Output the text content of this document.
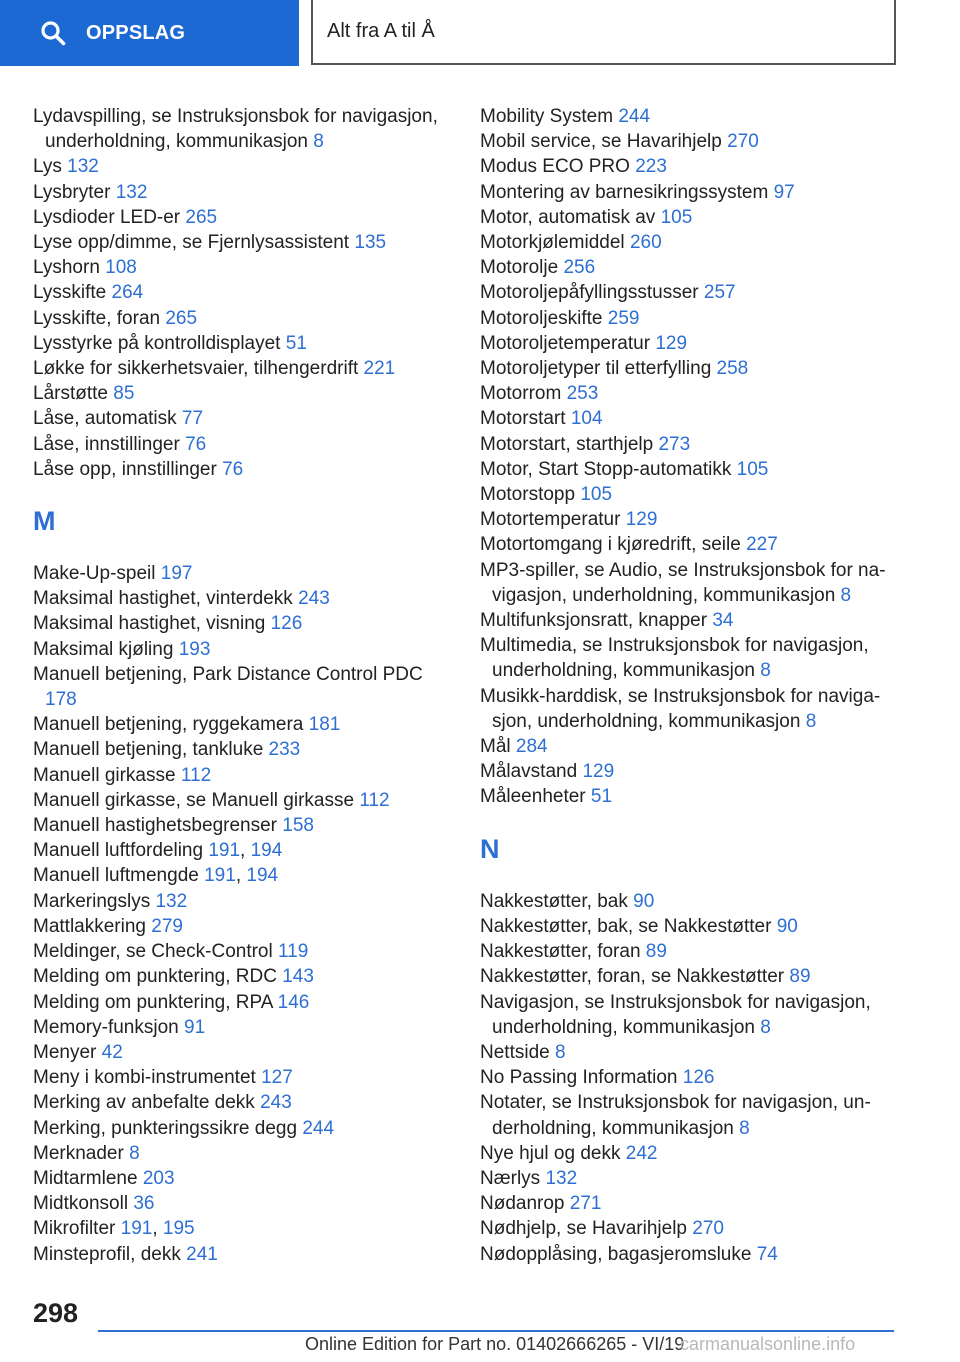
OPPSLAG	Alt fra A til Å
Lydavspilling, se Instruksjonsbok for navigasjon, underholdning, kommunikasjon 8
Lys 132
Lysbryter 132
Lysdioder LED-er 265
Lyse opp/dimme, se Fjernlysassistent 135
Lyshorn 108
Lysskifte 264
Lysskifte, foran 265
Lysstyrke på kontrolldisplayet 51
Løkke for sikkerhetsvaier, tilhengerdrift 221
Lårstøtte 85
Låse, automatisk 77
Låse, innstillinger 76
Låse opp, innstillinger 76
M
Make-Up-speil 197
Maksimal hastighet, vinterdekk 243
Maksimal hastighet, visning 126
Maksimal kjøling 193
Manuell betjening, Park Distance Control PDC 178
Manuell betjening, ryggekamera 181
Manuell betjening, tankluke 233
Manuell girkasse 112
Manuell girkasse, se Manuell girkasse 112
Manuell hastighetsbegrenser 158
Manuell luftfordeling 191, 194
Manuell luftmengde 191, 194
Markeringslys 132
Mattlakkering 279
Meldinger, se Check-Control 119
Melding om punktering, RDC 143
Melding om punktering, RPA 146
Memory-funksjon 91
Menyer 42
Meny i kombi-instrumentet 127
Merking av anbefalte dekk 243
Merking, punkteringssikre degg 244
Merknader 8
Midtarmlene 203
Midtkonsoll 36
Mikrofilter 191, 195
Minsteprofil, dekk 241
Mobility System 244
Mobil service, se Havarihjelp 270
Modus ECO PRO 223
Montering av barnesikringssystem 97
Motor, automatisk av 105
Motorkjølemiddel 260
Motorolje 256
Motoroljepåfyllingsstusser 257
Motoroljeskifte 259
Motoroljetemperatur 129
Motoroljetyper til etterfylling 258
Motorrom 253
Motorstart 104
Motorstart, starthjelp 273
Motor, Start Stopp-automatikk 105
Motorstopp 105
Motortemperatur 129
Motortomgang i kjøredrift, seile 227
MP3-spiller, se Audio, se Instruksjonsbok for navigasjon, underholdning, kommunikasjon 8
Multifunksjonsratt, knapper 34
Multimedia, se Instruksjonsbok for navigasjon, underholdning, kommunikasjon 8
Musikk-harddisk, se Instruksjonsbok for navigasjon, underholdning, kommunikasjon 8
Mål 284
Målavstand 129
Måleenheter 51
N
Nakkestøtter, bak 90
Nakkestøtter, bak, se Nakkestøtter 90
Nakkestøtter, foran 89
Nakkestøtter, foran, se Nakkestøtter 89
Navigasjon, se Instruksjonsbok for navigasjon, underholdning, kommunikasjon 8
Nettside 8
No Passing Information 126
Notater, se Instruksjonsbok for navigasjon, underholdning, kommunikasjon 8
Nye hjul og dekk 242
Nærlys 132
Nødanrop 271
Nødhjelp, se Havarihjelp 270
Nødopplåsing, bagasjeromsluke 74
298
Online Edition for Part no. 01402666265 - VI/19
carmanualsonline.info
